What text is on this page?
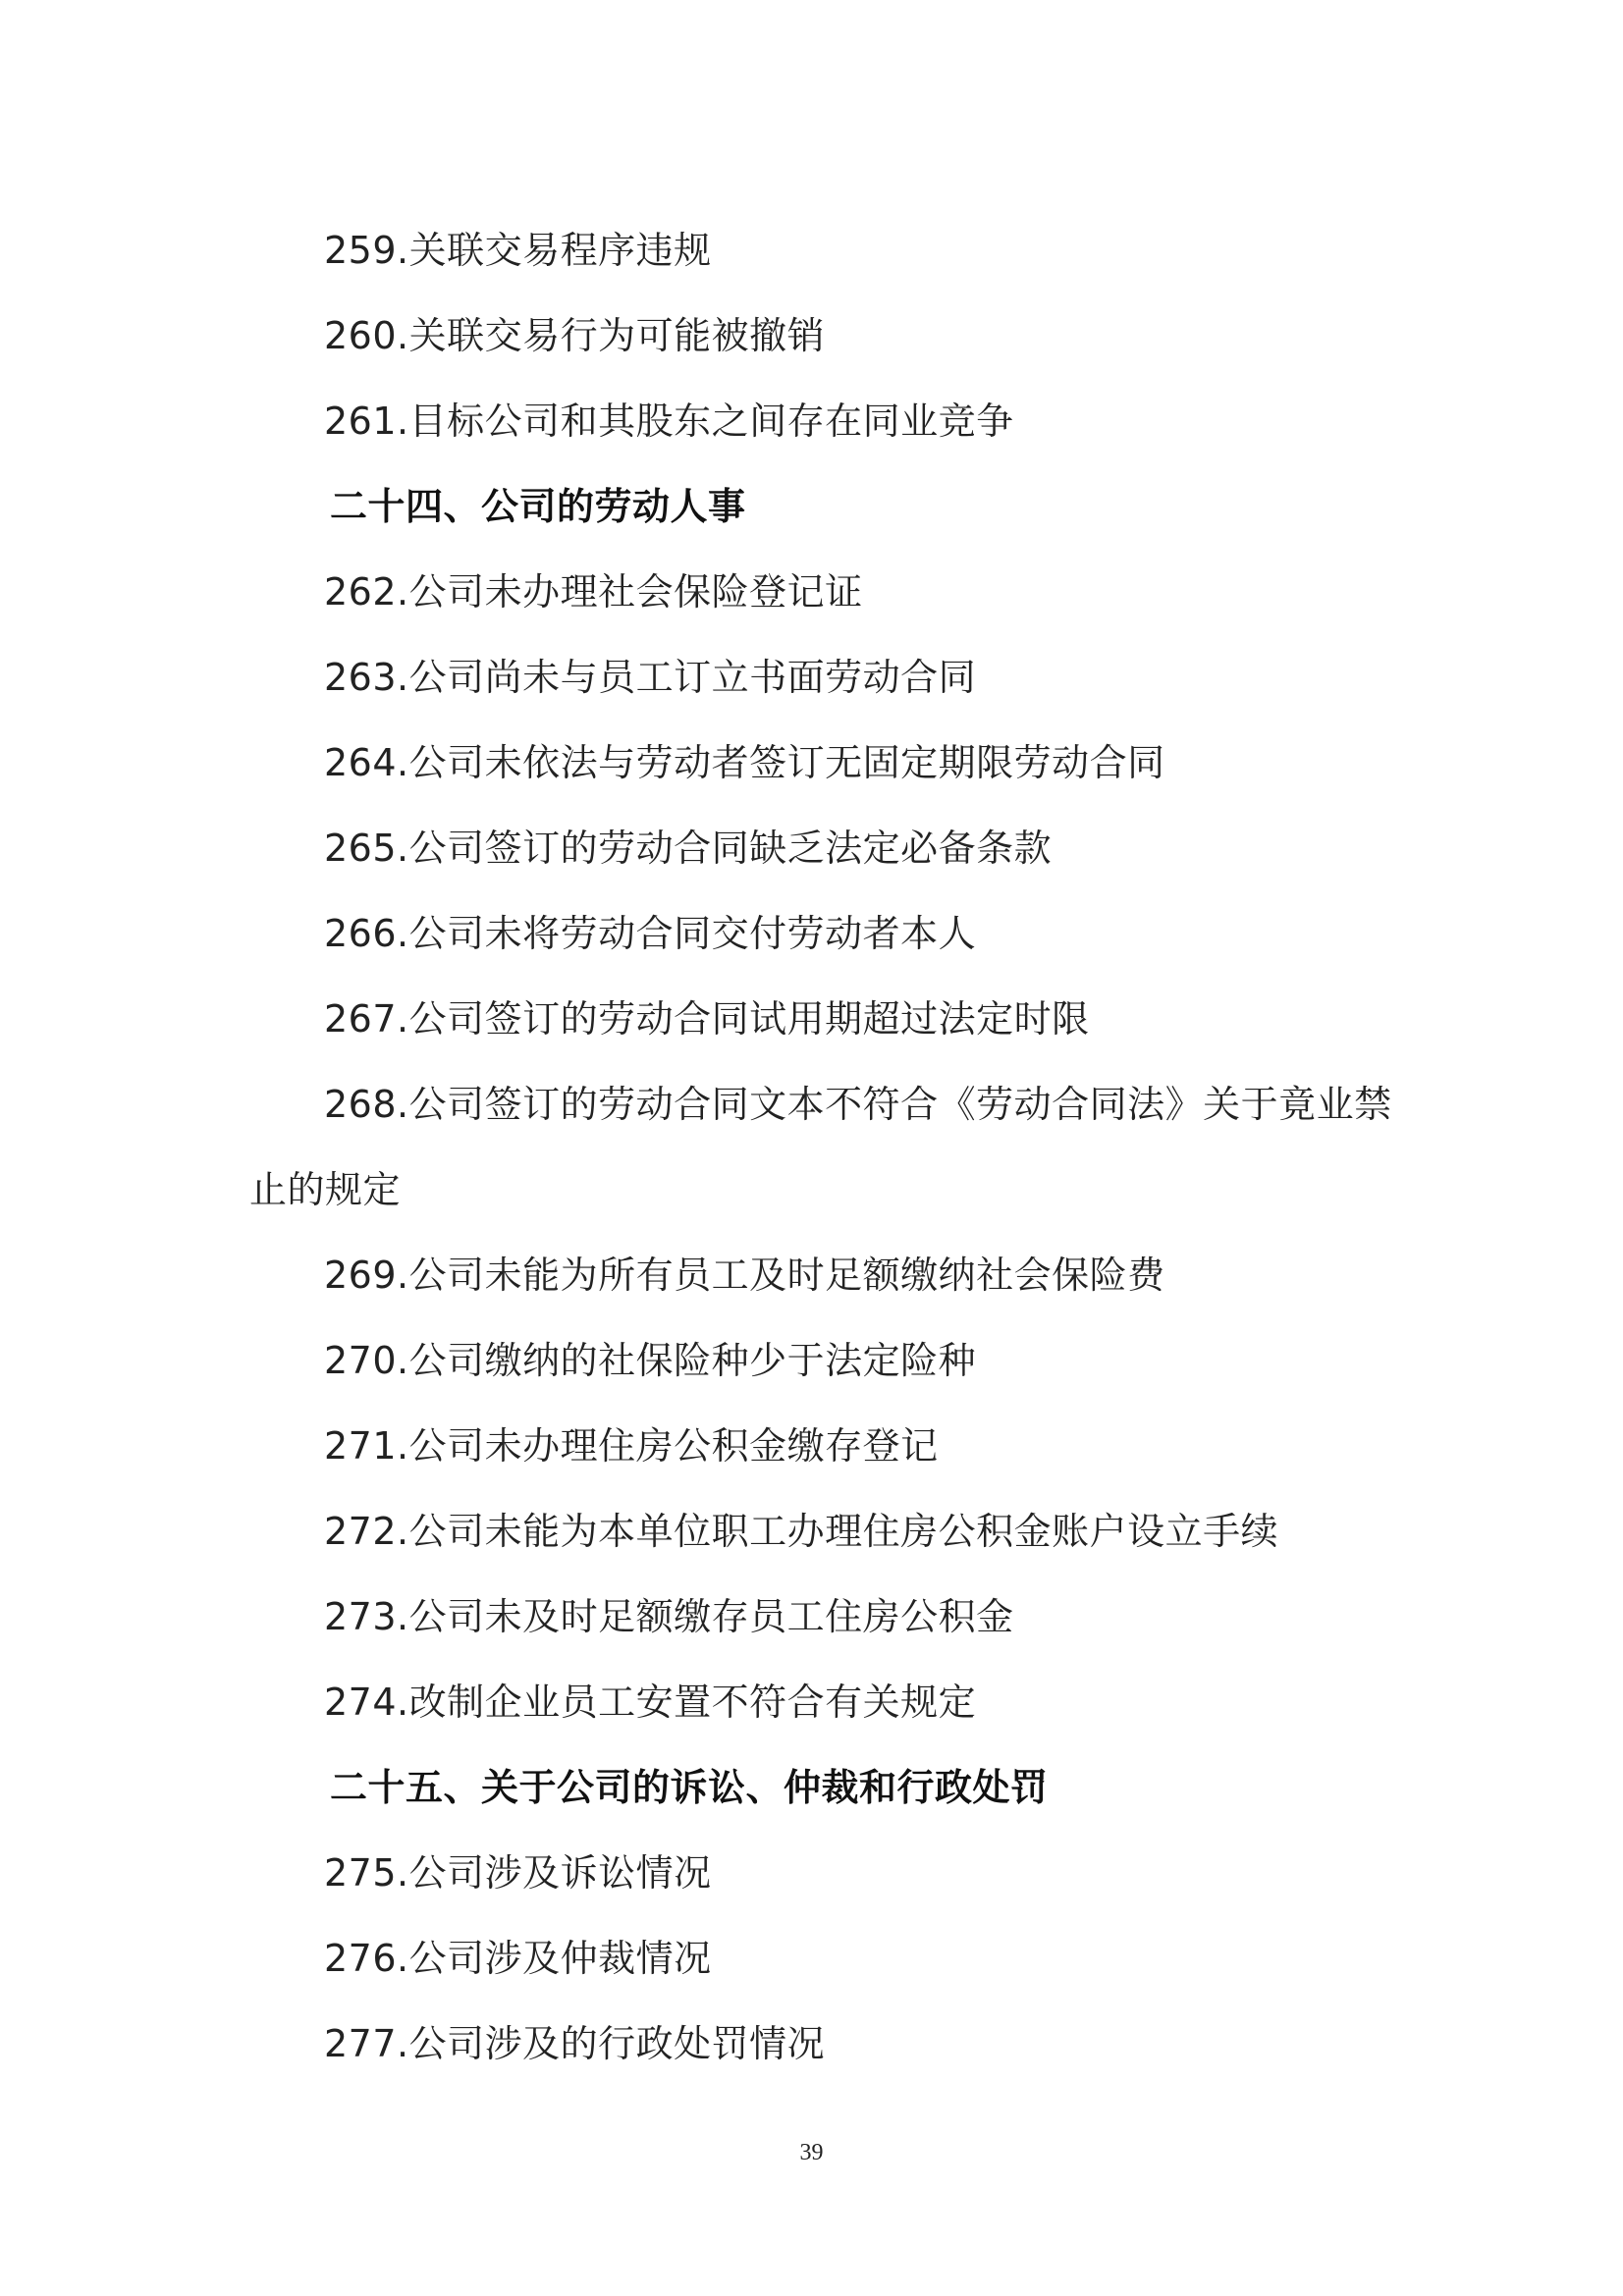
259.关联交易程序违规
260.关联交易行为可能被撤销
261.目标公司和其股东之间存在同业竞争
二十四、公司的劳动人事
262.公司未办理社会保险登记证
263.公司尚未与员工订立书面劳动合同
264.公司未依法与劳动者签订无固定期限劳动合同
265.公司签订的劳动合同缺乏法定必备条款
266.公司未将劳动合同交付劳动者本人
267.公司签订的劳动合同试用期超过法定时限
268.公司签订的劳动合同文本不符合《劳动合同法》关于竟业禁
止的规定
269.公司未能为所有员工及时足额缴纳社会保险费
270.公司缴纳的社保险种少于法定险种
271.公司未办理住房公积金缴存登记
272.公司未能为本单位职工办理住房公积金账户设立手续
273.公司未及时足额缴存员工住房公积金
274.改制企业员工安置不符合有关规定
二十五、关于公司的诉讼、仲裁和行政处罚
275.公司涉及诉讼情况
276.公司涉及仲裁情况
277.公司涉及的行政处罚情况
39
